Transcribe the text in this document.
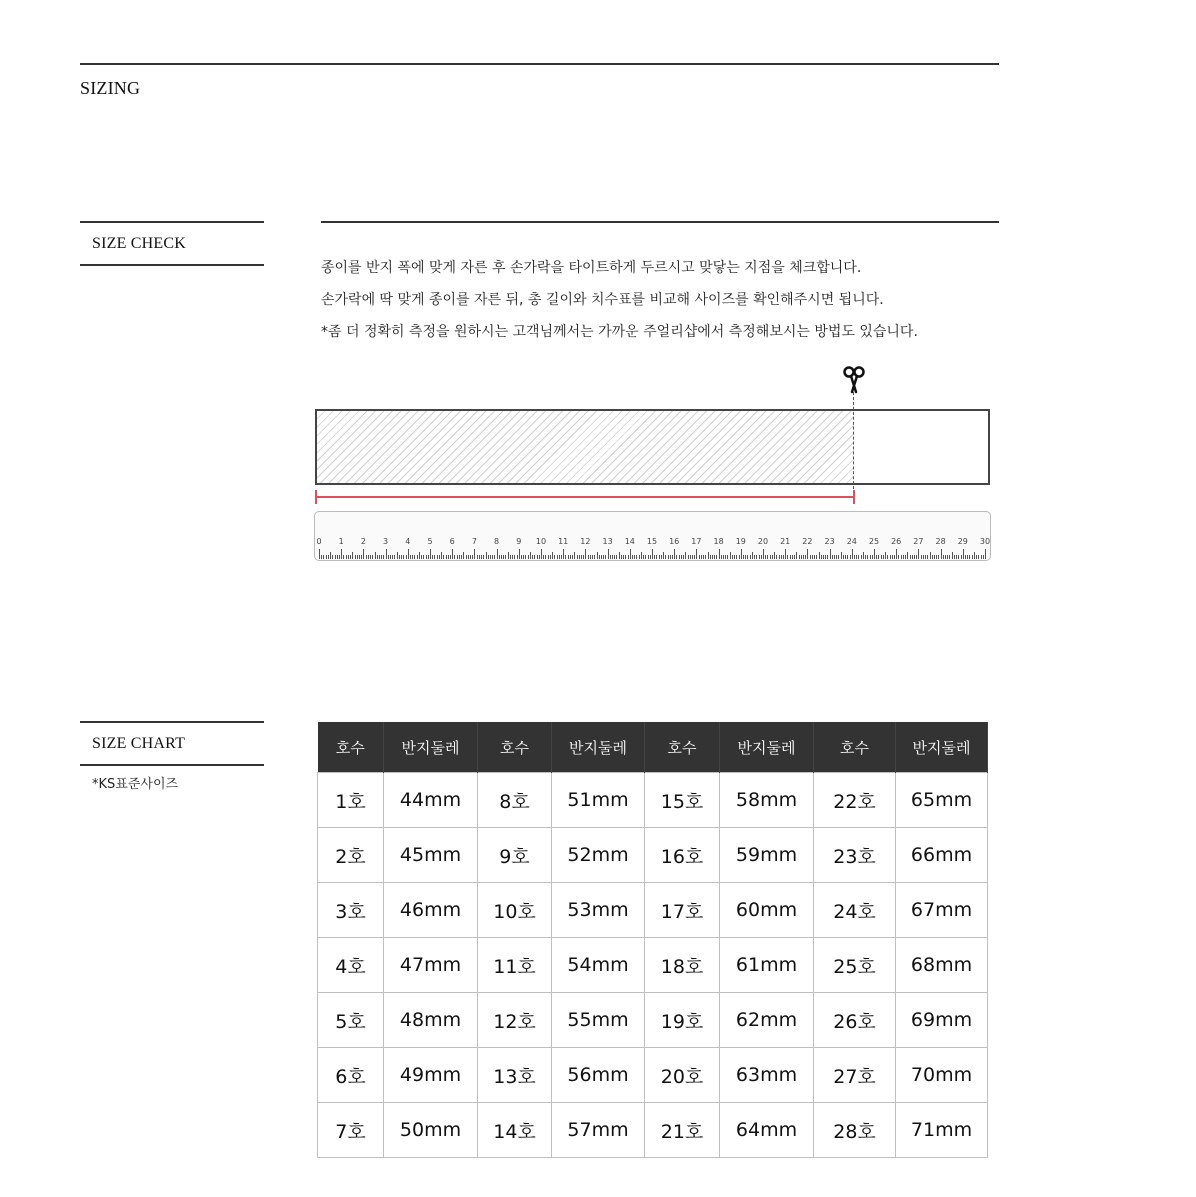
SIZING
SIZE CHECK
종이를 반지 폭에 맞게 자른 후 손가락을 타이트하게 두르시고 맞닿는 지점을 체크합니다.
손가락에 딱 맞게 종이를 자른 뒤, 총 길이와 치수표를 비교해 사이즈를 확인해주시면 됩니다.
*좀 더 정확히 측정을 원하시는 고객님께서는 가까운 주얼리샵에서 측정해보시는 방법도 있습니다.
0 1 2 3 4 5 6 7 8 9 10 11 12 13 14 15 16 17 18 19 20 21 22 23 24 25 26 27 28 29 30
SIZE CHART
*KS표준사이즈
호수	반지둘레	호수	반지둘레	호수	반지둘레	호수	반지둘레
1호	44mm	8호	51mm	15호	58mm	22호	65mm
2호	45mm	9호	52mm	16호	59mm	23호	66mm
3호	46mm	10호	53mm	17호	60mm	24호	67mm
4호	47mm	11호	54mm	18호	61mm	25호	68mm
5호	48mm	12호	55mm	19호	62mm	26호	69mm
6호	49mm	13호	56mm	20호	63mm	27호	70mm
7호	50mm	14호	57mm	21호	64mm	28호	71mm
